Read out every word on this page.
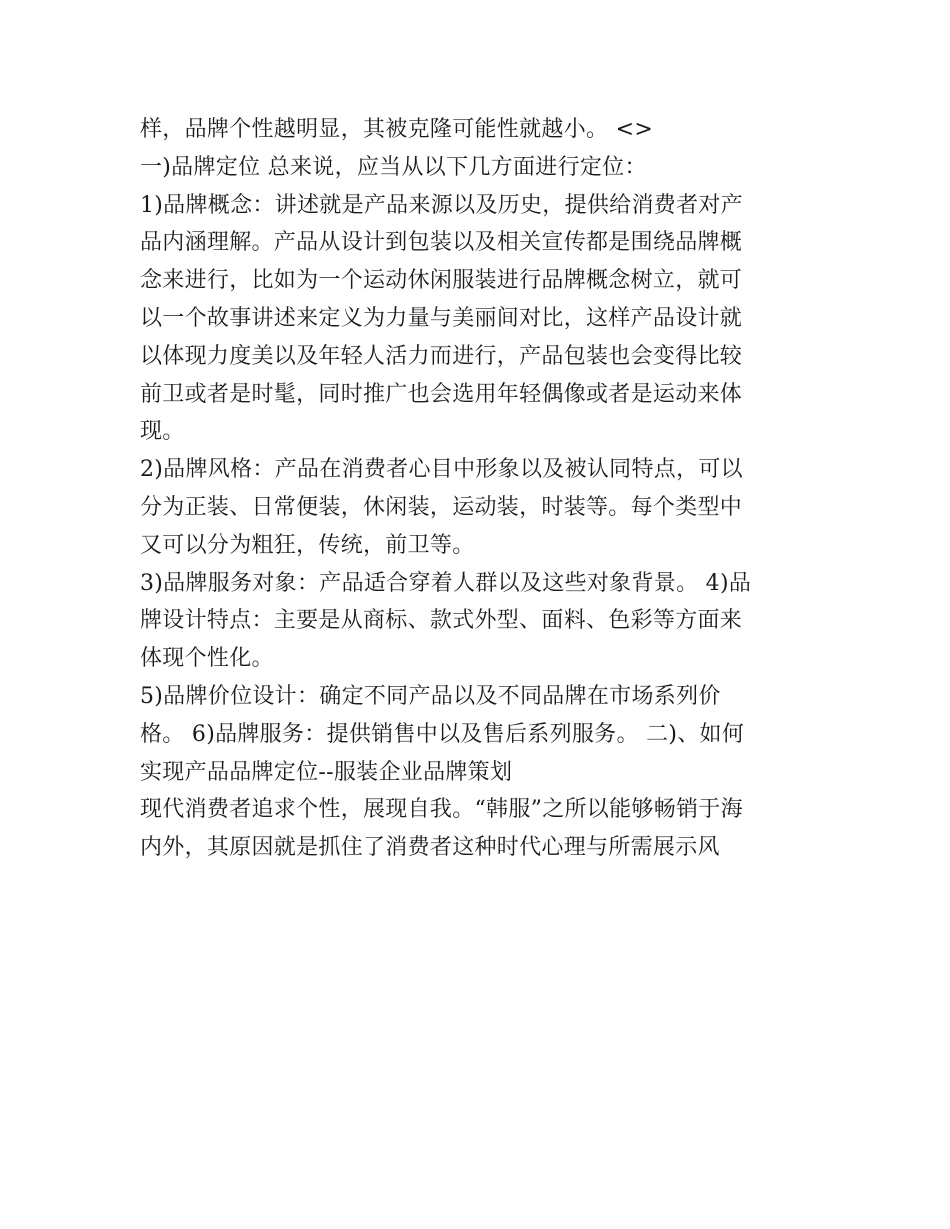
样，品牌个性越明显，其被克隆可能性就越小。 <>
一)品牌定位 总来说，应当从以下几方面进行定位：
1)品牌概念：讲述就是产品来源以及历史，提供给消费者对产
品内涵理解。产品从设计到包装以及相关宣传都是围绕品牌概
念来进行，比如为一个运动休闲服装进行品牌概念树立，就可
以一个故事讲述来定义为力量与美丽间对比，这样产品设计就
以体现力度美以及年轻人活力而进行，产品包装也会变得比较
前卫或者是时髦，同时推广也会选用年轻偶像或者是运动来体
现。
2)品牌风格：产品在消费者心目中形象以及被认同特点，可以
分为正装、日常便装，休闲装，运动装，时装等。每个类型中
又可以分为粗狂，传统，前卫等。
3)品牌服务对象：产品适合穿着人群以及这些对象背景。 4)品
牌设计特点：主要是从商标、款式外型、面料、色彩等方面来
体现个性化。
5)品牌价位设计：确定不同产品以及不同品牌在市场系列价
格。 6)品牌服务：提供销售中以及售后系列服务。 二)、如何
实现产品品牌定位--服装企业品牌策划
现代消费者追求个性，展现自我。“韩服”之所以能够畅销于海
内外，其原因就是抓住了消费者这种时代心理与所需展示风
